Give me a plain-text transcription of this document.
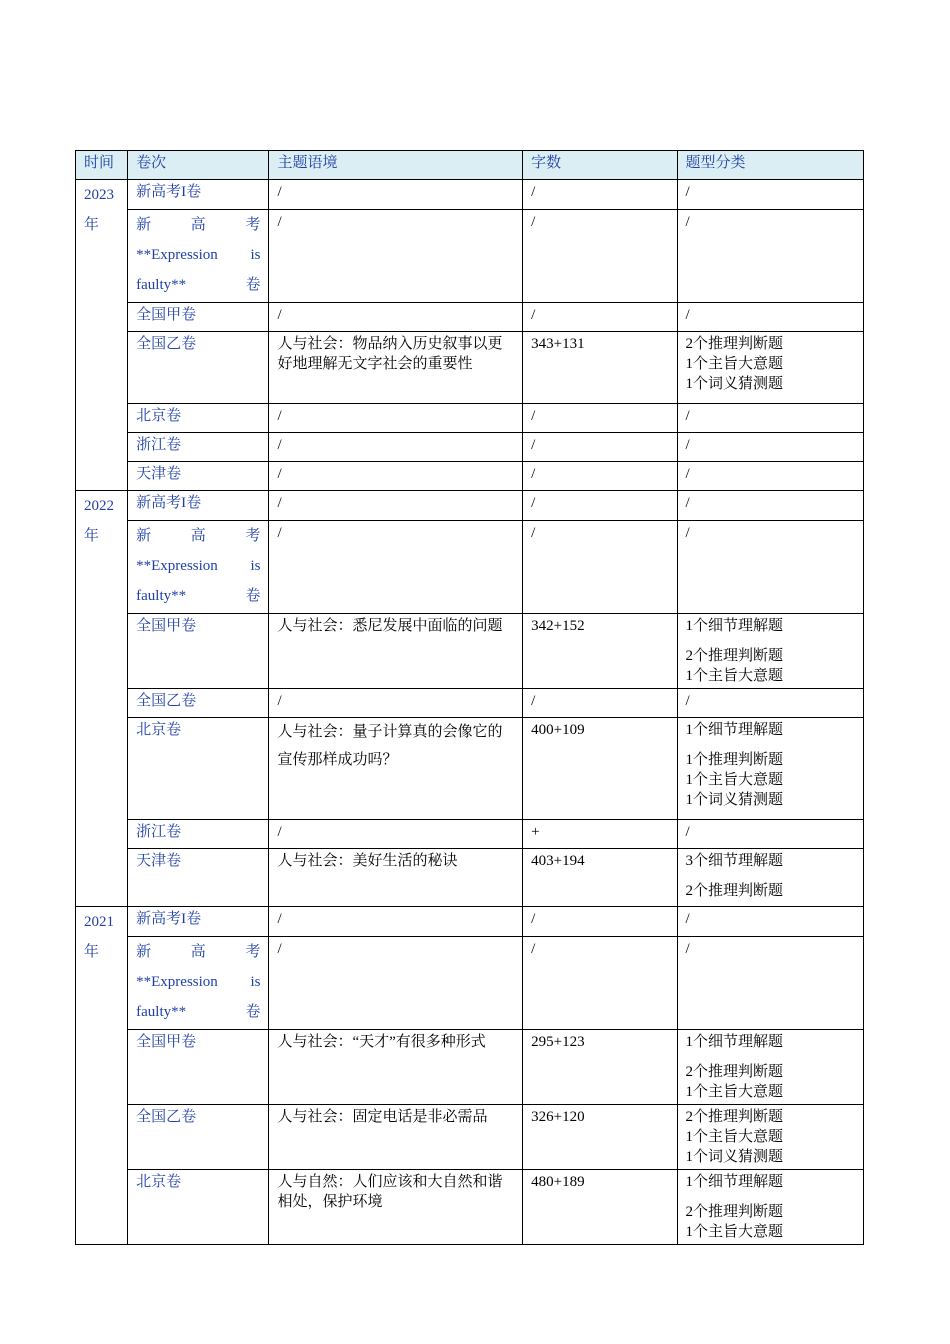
时间	卷次	主题语境	字数	题型分类
2023年	新高考I卷	/	/	/

	新高考**Expression is faulty**卷	/	/	/

	全国甲卷	/	/	/

	全国乙卷	人与社会：物品纳入历史叙事以更好地理解无文字社会的重要性	343+131	2个推理判断题
1个主旨大意题
1个词义猜测题

	北京卷	/	/	/

	浙江卷	/	/	/

	天津卷	/	/	/

2022年	新高考I卷	/	/	/

	新高考**Expression is faulty**卷	/	/	/

	全国甲卷	人与社会：悉尼发展中面临的问题	342+152	1个细节理解题
2个推理判断题
1个主旨大意题

	全国乙卷	/	/	/

	北京卷	人与社会：量子计算真的会像它的宣传那样成功吗？	400+109	1个细节理解题
1个推理判断题
1个主旨大意题
1个词义猜测题

	浙江卷	/	+	/

	天津卷	人与社会：美好生活的秘诀	403+194	3个细节理解题
2个推理判断题

2021年	新高考I卷	/	/	/

	新高考**Expression is faulty**卷	/	/	/

	全国甲卷	人与社会：“天才”有很多种形式	295+123	1个细节理解题
2个推理判断题
1个主旨大意题

	全国乙卷	人与社会：固定电话是非必需品	326+120	2个推理判断题
1个主旨大意题
1个词义猜测题

	北京卷	人与自然：人们应该和大自然和谐相处，保护环境	480+189	1个细节理解题
2个推理判断题
1个主旨大意题
